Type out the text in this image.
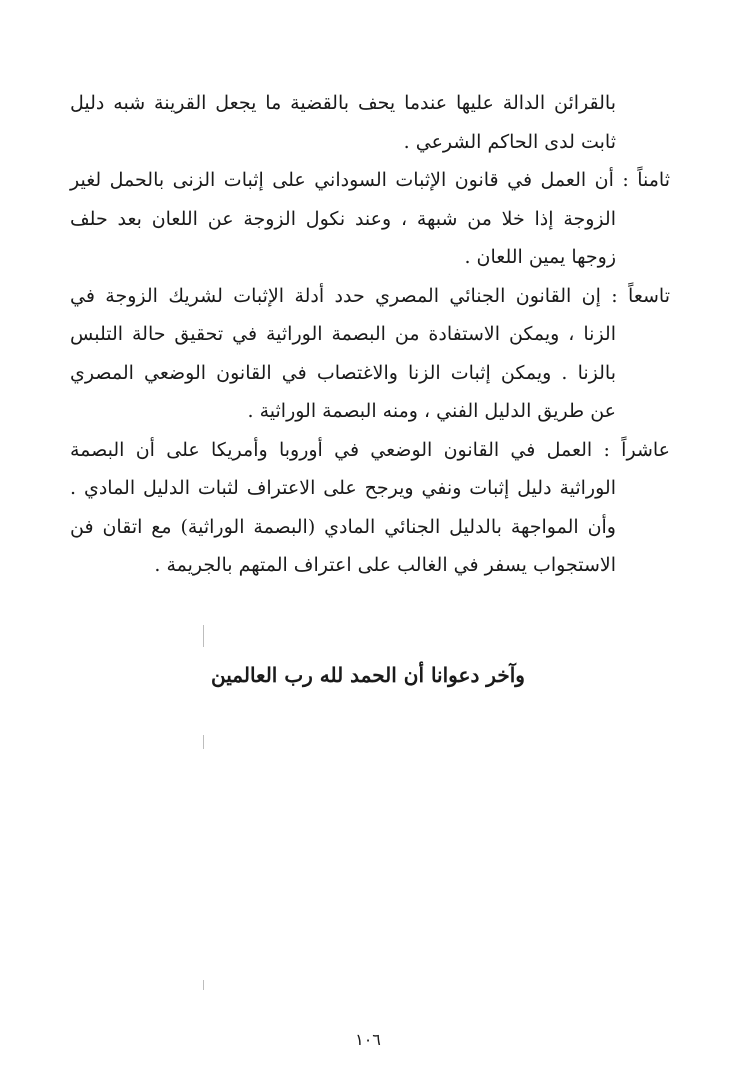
بالقرائن الدالة عليها عندما يحف بالقضية ما يجعل القرينة شبه دليل
ثابت لدى الحاكم الشرعي .
ثامناً : أن العمل في قانون الإثبات السوداني على إثبات الزنى بالحمل لغير
الزوجة إذا خلا من شبهة ، وعند نكول الزوجة عن اللعان بعد حلف
زوجها يمين اللعان .
تاسعاً : إن القانون الجنائي المصري حدد أدلة الإثبات لشريك الزوجة في
الزنا ، ويمكن الاستفادة من البصمة الوراثية في تحقيق حالة التلبس
بالزنا . ويمكن إثبات الزنا والاغتصاب في القانون الوضعي المصري
عن طريق الدليل الفني ، ومنه البصمة الوراثية .
عاشراً : العمل في القانون الوضعي في أوروبا وأمريكا على أن البصمة
الوراثية دليل إثبات ونفي ويرجح على الاعتراف لثبات الدليل المادي .
وأن المواجهة بالدليل الجنائي المادي (البصمة الوراثية) مع اتقان فن
الاستجواب يسفر في الغالب على اعتراف المتهم بالجريمة .
وآخر دعوانا أن الحمد لله رب العالمين
١٠٦
